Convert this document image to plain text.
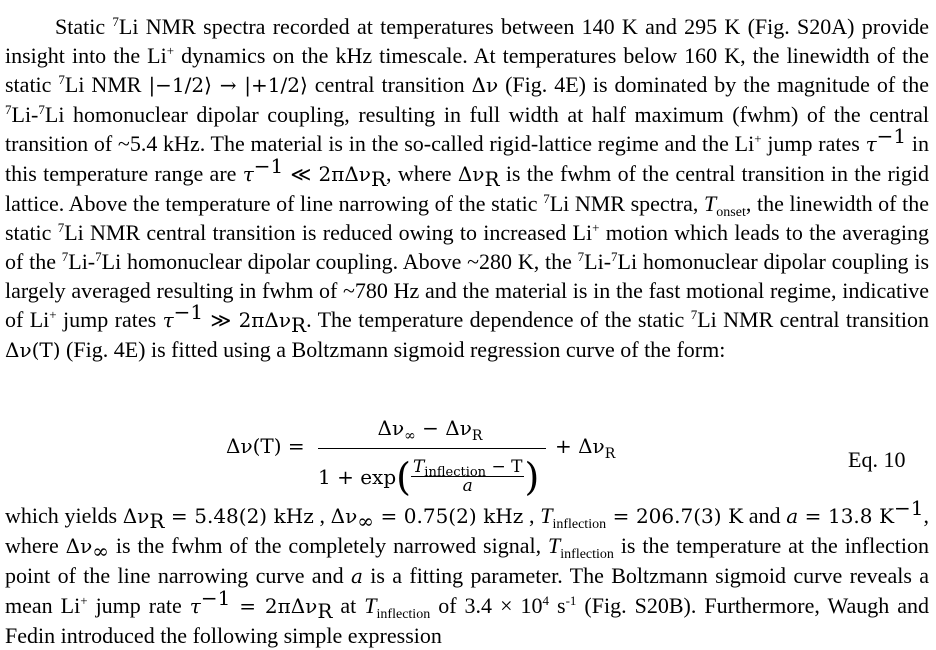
Static $^7$Li NMR spectra recorded at temperatures between 140 K and 295 K (Fig. S20A) provide insight into the Li+ dynamics on the kHz timescale. At temperatures below 160 K, the linewidth of the static $^7$Li NMR |−1/2⟩ → |+1/2⟩ central transition Δν (Fig. 4E) is dominated by the magnitude of the $^7$Li-$^7$Li homonuclear dipolar coupling, resulting in full width at half maximum (fwhm) of the central transition of ~5.4 kHz. The material is in the so-called rigid-lattice regime and the Li+ jump rates $\tau^{-1}$ in this temperature range are $\tau^{-1}$ ≪ 2πΔν$_R$, where $\Delta\nu_R$ is the fwhm of the central transition in the rigid lattice. Above the temperature of line narrowing of the static $^7$Li NMR spectra, $T_{onset}$, the linewidth of the static $^7$Li NMR central transition is reduced owing to increased Li+ motion which leads to the averaging of the $^7$Li-$^7$Li homonuclear dipolar coupling. Above ~280 K, the $^7$Li-$^7$Li homonuclear dipolar coupling is largely averaged resulting in fwhm of ~780 Hz and the material is in the fast motional regime, indicative of Li+ jump rates $\tau^{-1}$ ≫ 2πΔν$_R$. The temperature dependence of the static $^7$Li NMR central transition Δν(T) (Fig. 4E) is fitted using a Boltzmann sigmoid regression curve of the form:

Δν(T) =
$\Delta\nu_\infty - \Delta\nu_R$
$1 + \exp( \frac{T_{inflection} - T}{a}$ )
+ $\Delta\nu_R$	Eq. 10

which yields $\Delta\nu_R = 5.48(2)$ kHz , $\Delta\nu_\infty = 0.75(2)$ kHz , $T_{inflection} = 206.7(3)$ K and a = 13.8 $K^{-1}$, where $\Delta\nu_\infty$ is the fwhm of the completely narrowed signal, $T_{inflection}$ is the temperature at the inflection point of the line narrowing curve and a is a fitting parameter. The Boltzmann sigmoid curve reveals a mean Li+ jump rate $\tau^{-1} = 2\pi\Delta\nu_R$ at $T_{inflection}$ of $3.4 \times 10^4$ $s^{-1}$ (Fig. S20B). Furthermore, Waugh and Fedin introduced the following simple expression
